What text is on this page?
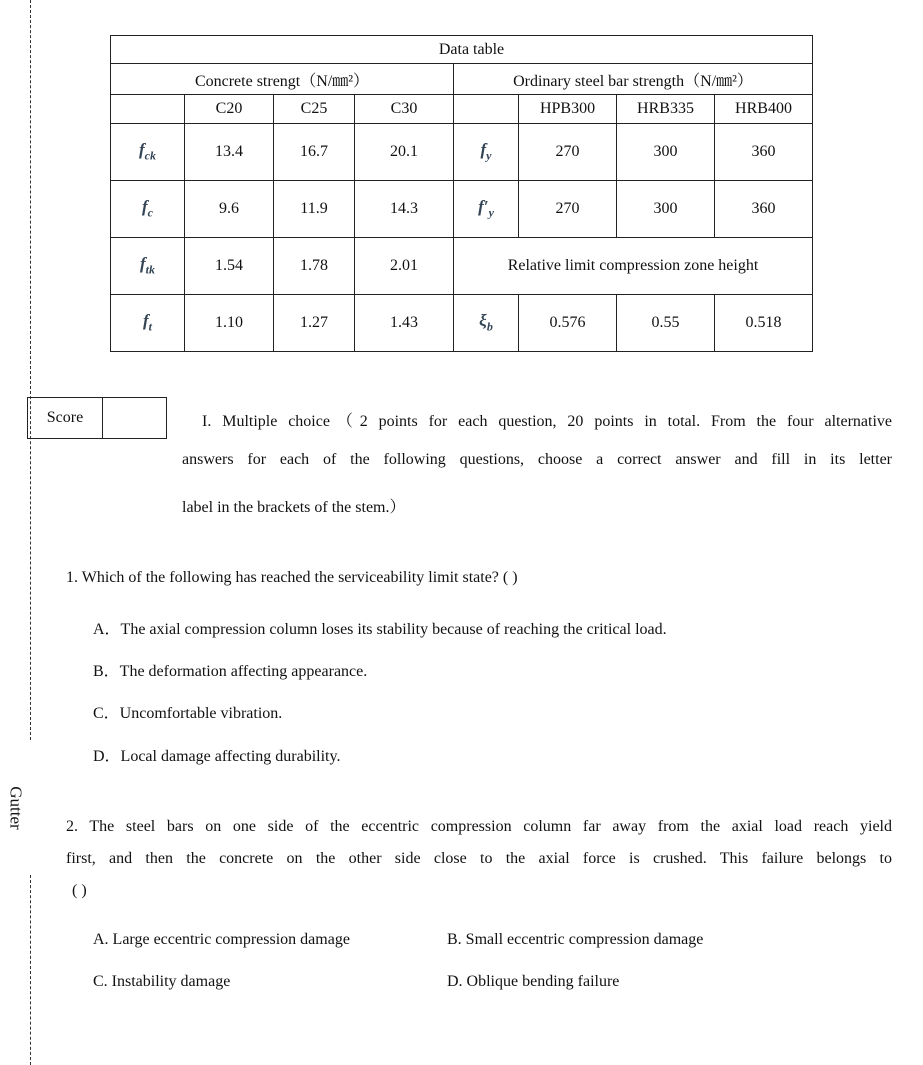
Gutter
Data table							
Concrete strengt（N/㎜²）				Ordinary steel bar strength（N/㎜²）			
	C20	C25	C30		HPB300	HRB335	HRB400
$f_{ck}$	13.4	16.7	20.1	$f_y$	270	300	360
$f_c$	9.6	11.9	14.3	$f'_y$	270	300	360
$f_{tk}$	1.54	1.78	2.01	Relative limit compression zone height			
$f_t$	1.10	1.27	1.43	$\xi_b$	0.576	0.55	0.518
Score		I. Multiple choice（2 points for each question, 20 points in total. From the four alternative
answers for each of the following questions, choose a correct answer and fill in its letter
label in the brackets of the stem.）
1. Which of the following has reached the serviceability limit state? ( )
A．The axial compression column loses its stability because of reaching the critical load.
B．The deformation affecting appearance.
C．Uncomfortable vibration.
D．Local damage affecting durability.
2. The steel bars on one side of the eccentric compression column far away from the axial load reach yield
first, and then the concrete on the other side close to the axial force is crushed. This failure belongs to
( )
A. Large eccentric compression damage	B. Small eccentric compression damage
C. Instability damage	D. Oblique bending failure
